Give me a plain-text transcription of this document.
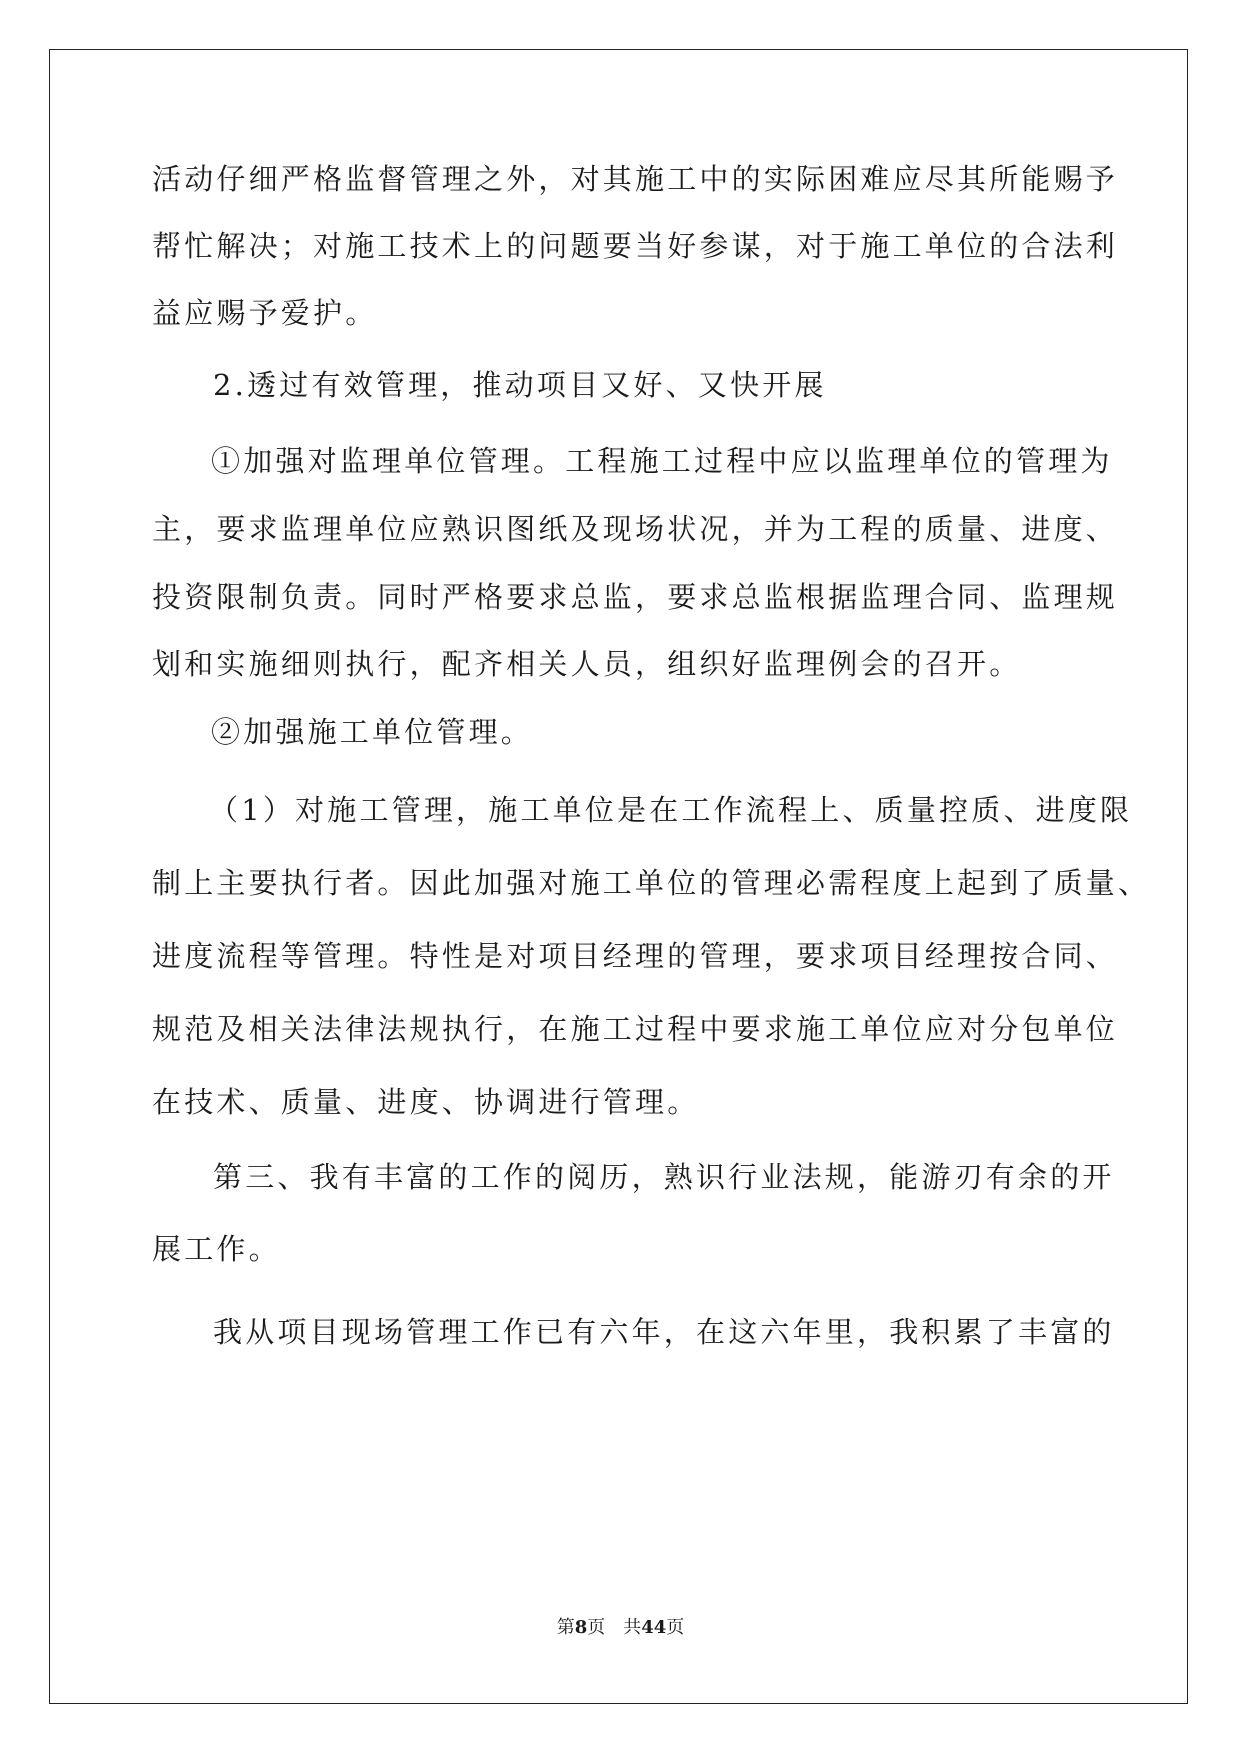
活动仔细严格监督管理之外，对其施工中的实际困难应尽其所能赐予
帮忙解决；对施工技术上的问题要当好参谋，对于施工单位的合法利
益应赐予爱护。
2.透过有效管理，推动项目又好、又快开展
①加强对监理单位管理。工程施工过程中应以监理单位的管理为
主，要求监理单位应熟识图纸及现场状况，并为工程的质量、进度、
投资限制负责。同时严格要求总监，要求总监根据监理合同、监理规
划和实施细则执行，配齐相关人员，组织好监理例会的召开。
②加强施工单位管理。
（1）对施工管理，施工单位是在工作流程上、质量控质、进度限
制上主要执行者。因此加强对施工单位的管理必需程度上起到了质量、
进度流程等管理。特性是对项目经理的管理，要求项目经理按合同、
规范及相关法律法规执行，在施工过程中要求施工单位应对分包单位
在技术、质量、进度、协调进行管理。
第三、我有丰富的工作的阅历，熟识行业法规，能游刃有余的开
展工作。
我从项目现场管理工作已有六年，在这六年里，我积累了丰富的
第8页　共44页
